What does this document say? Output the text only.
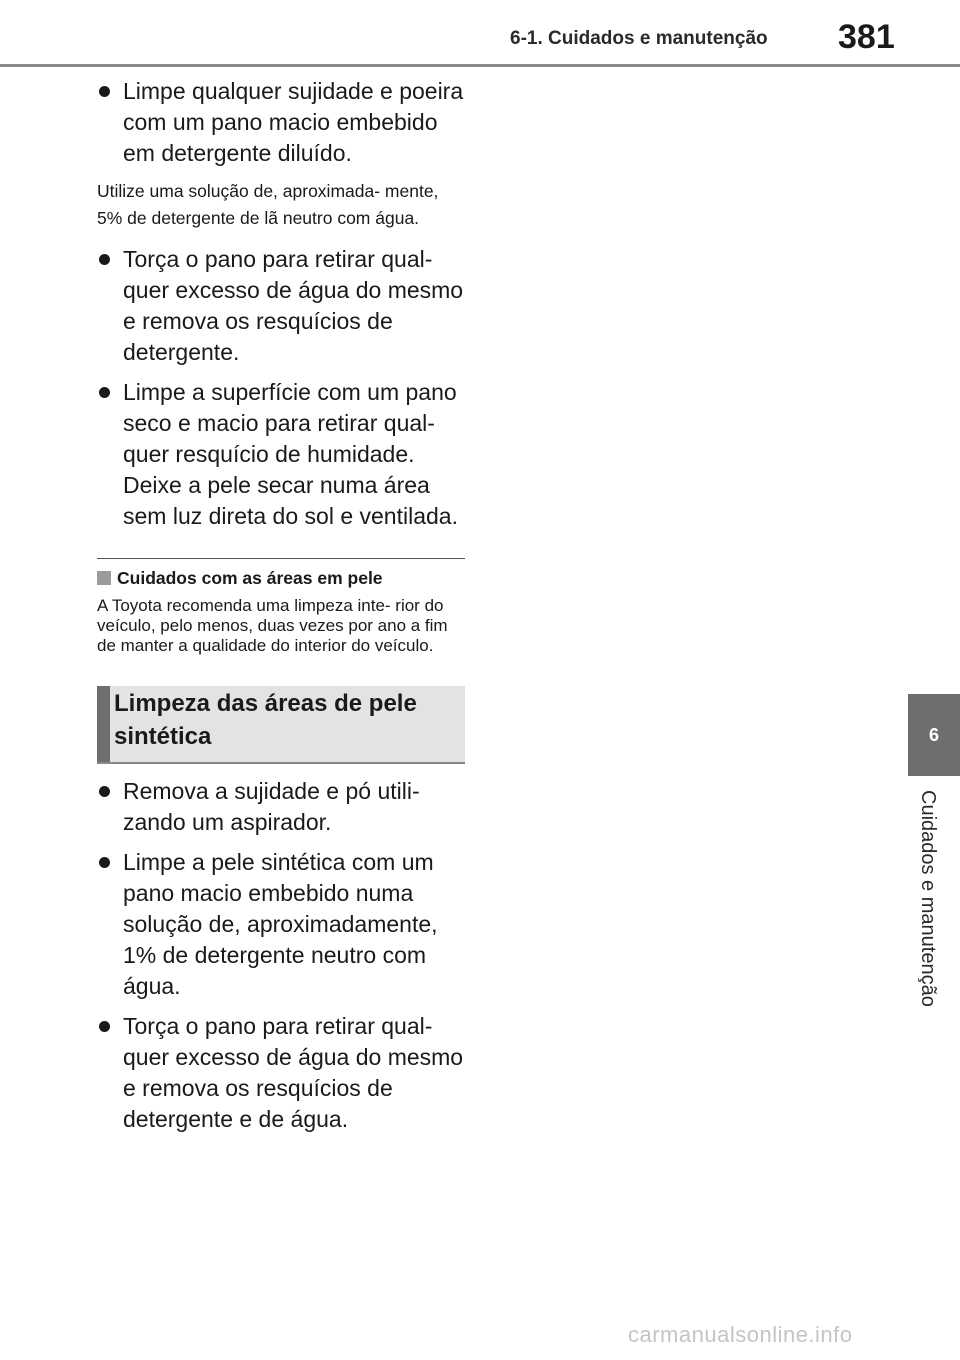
6-1. Cuidados e manutenção 381
6
Cuidados e manutenção
Limpe qualquer sujidade e poeira com um pano macio embebido em detergente diluído.
Utilize uma solução de, aproximada- mente, 5% de detergente de lã neutro com água.
Torça o pano para retirar qual- quer excesso de água do mesmo e remova os resquícios de detergente.
Limpe a superfície com um pano seco e macio para retirar qual- quer resquício de humidade. Deixe a pele secar numa área sem luz direta do sol e ventilada.
Cuidados com as áreas em pele
A Toyota recomenda uma limpeza inte- rior do veículo, pelo menos, duas vezes por ano a fim de manter a qualidade do interior do veículo.
Limpeza das áreas de pele sintética
Remova a sujidade e pó utili- zando um aspirador.
Limpe a pele sintética com um pano macio embebido numa solução de, aproximadamente, 1% de detergente neutro com água.
Torça o pano para retirar qual- quer excesso de água do mesmo e remova os resquícios de detergente e de água.
carmanualsonline.info
